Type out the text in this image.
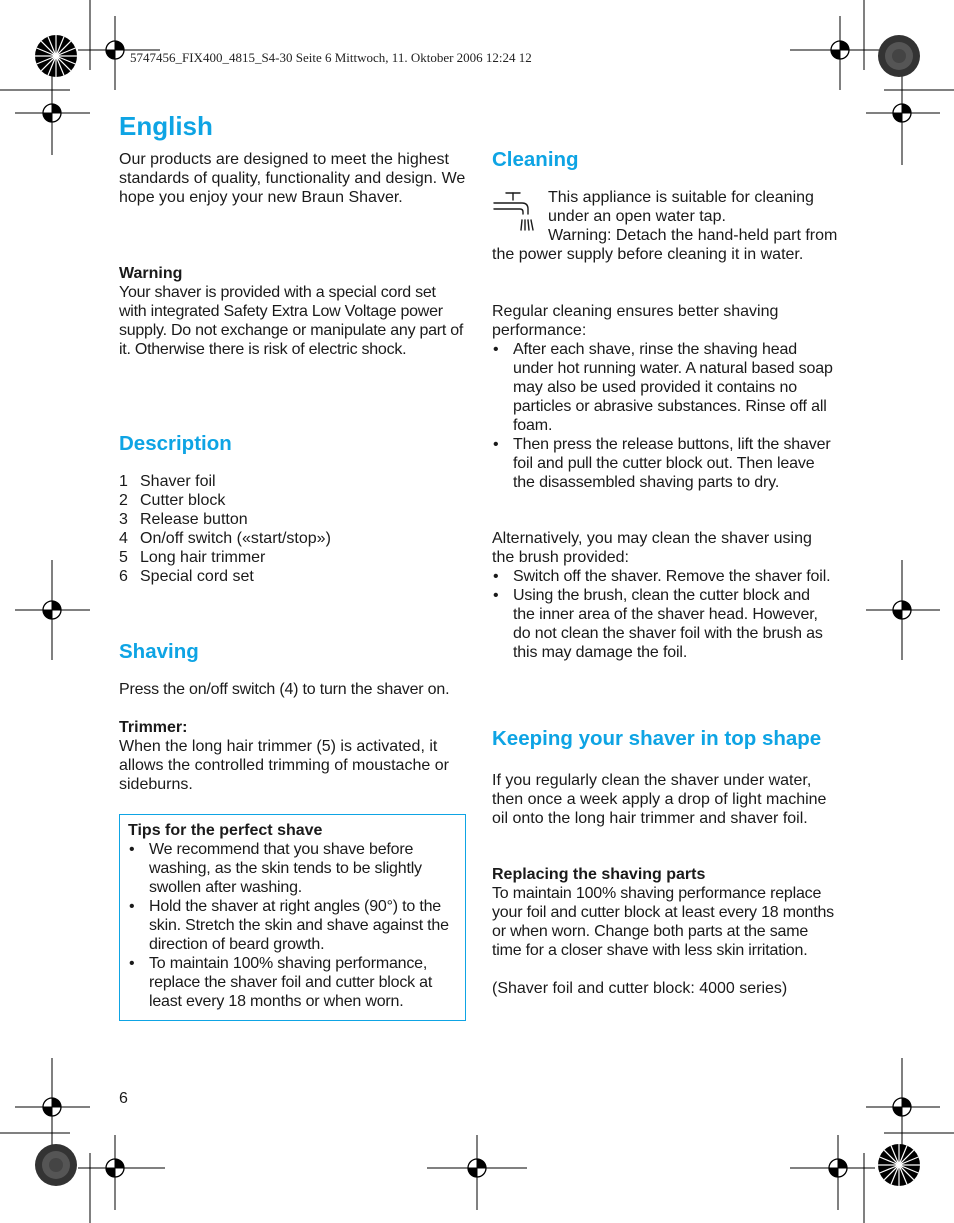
5747456_FIX400_4815_S4-30 Seite 6 Mittwoch, 11. Oktober 2006 12:24 12
English

Our products are designed to meet the highest standards of quality, functionality and design. We hope you enjoy your new Braun Shaver.

Warning

Your shaver is provided with a special cord set with integrated Safety Extra Low Voltage power supply. Do not exchange or manipulate any part of it. Otherwise there is risk of electric shock.

Description
1 Shaver foil
2 Cutter block
3 Release button
4 On/off switch («start/stop»)
5 Long hair trimmer
6 Special cord set
Shaving

Press the on/off switch (4) to turn the shaver on.

Trimmer:

When the long hair trimmer (5) is activated, it allows the controlled trimming of moustache or sideburns.

Tips for the perfect shave

• We recommend that you shave before washing, as the skin tends to be slightly swollen after washing.
• Hold the shaver at right angles (90°) to the skin. Stretch the skin and shave against the direction of beard growth.
• To maintain 100% shaving performance, replace the shaver foil and cutter block at least every 18 months or when worn.
6
Cleaning

This appliance is suitable for cleaning under an open water tap.

Warning: Detach the hand-held part from the power supply before cleaning it in water.

Regular cleaning ensures better shaving performance:

• After each shave, rinse the shaving head under hot running water. A natural based soap may also be used provided it contains no particles or abrasive substances. Rinse off all foam.
• Then press the release buttons, lift the shaver foil and pull the cutter block out. Then leave the disassembled shaving parts to dry.

Alternatively, you may clean the shaver using the brush provided:

• Switch off the shaver. Remove the shaver foil.
• Using the brush, clean the cutter block and the inner area of the shaver head. However, do not clean the shaver foil with the brush as this may damage the foil.
Keeping your shaver in top shape

If you regularly clean the shaver under water, then once a week apply a drop of light machine oil onto the long hair trimmer and shaver foil.

Replacing the shaving parts

To maintain 100% shaving performance replace your foil and cutter block at least every 18 months or when worn. Change both parts at the same time for a closer shave with less skin irritation.

(Shaver foil and cutter block: 4000 series)
